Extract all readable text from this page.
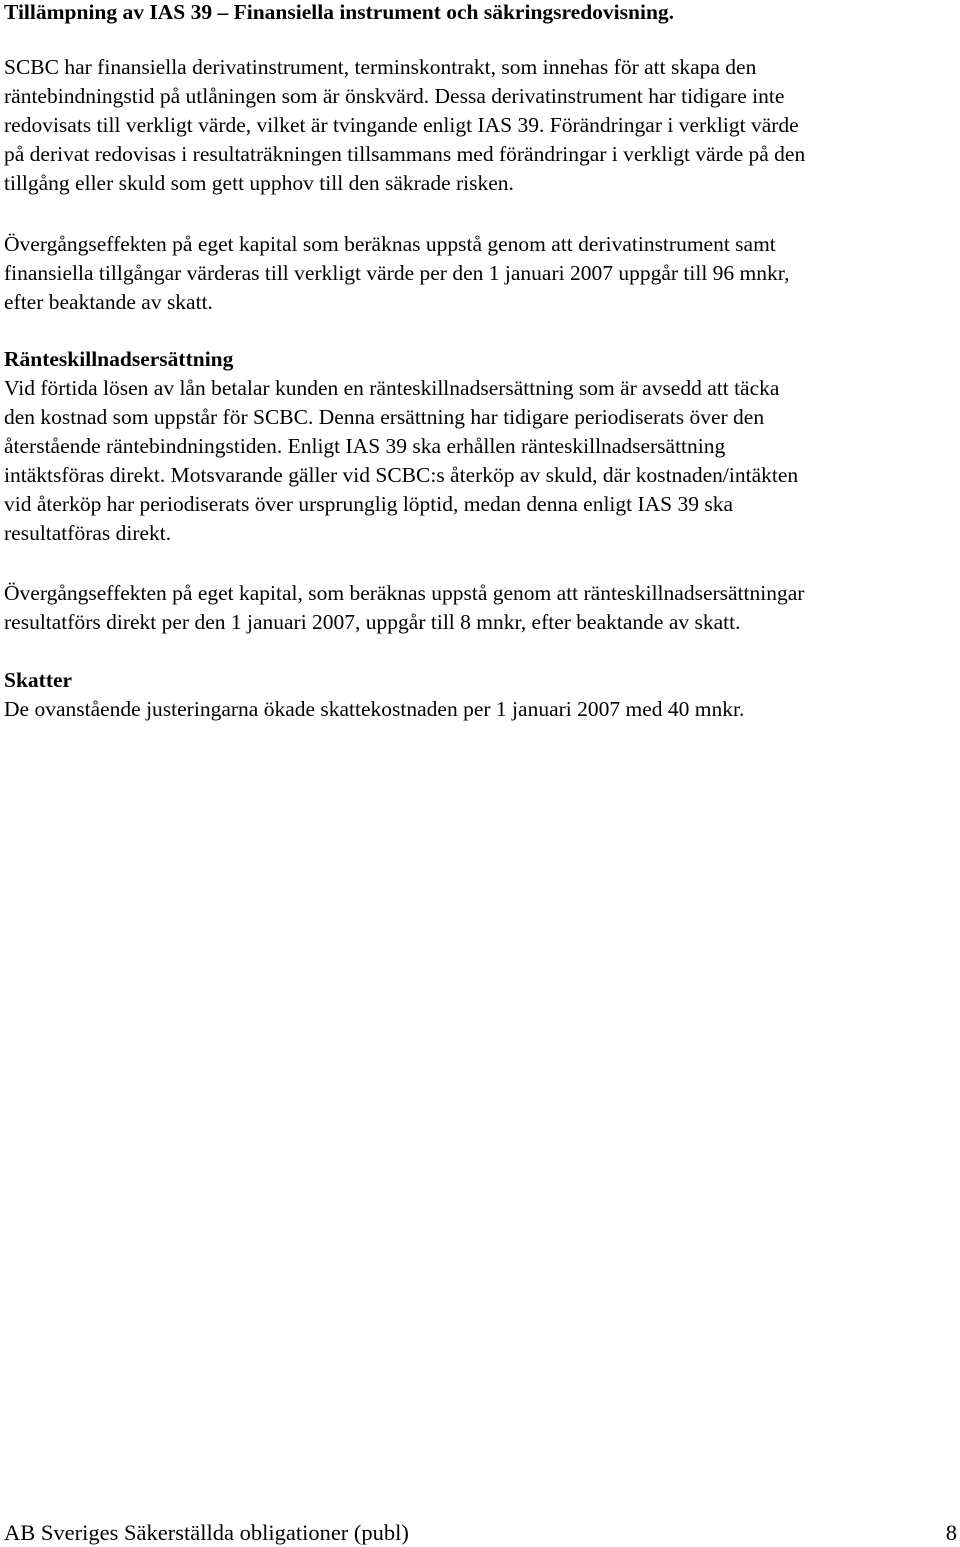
Tillämpning av IAS 39 – Finansiella instrument och säkringsredovisning.

SCBC har finansiella derivatinstrument, terminskontrakt, som innehas för att skapa den

räntebindningstid på utlåningen som är önskvärd. Dessa derivatinstrument har tidigare inte

redovisats till verkligt värde, vilket är tvingande enligt IAS 39. Förändringar i verkligt värde

på derivat redovisas i resultaträkningen tillsammans med förändringar i verkligt värde på den

tillgång eller skuld som gett upphov till den säkrade risken.

Övergångseffekten på eget kapital som beräknas uppstå genom att derivatinstrument samt

finansiella tillgångar värderas till verkligt värde per den 1 januari 2007 uppgår till 96 mnkr,

efter beaktande av skatt.

Ränteskillnadsersättning

Vid förtida lösen av lån betalar kunden en ränteskillnadsersättning som är avsedd att täcka

den kostnad som uppstår för SCBC. Denna ersättning har tidigare periodiserats över den

återstående räntebindningstiden. Enligt IAS 39 ska erhållen ränteskillnadsersättning

intäktsföras direkt. Motsvarande gäller vid SCBC:s återköp av skuld, där kostnaden/intäkten

vid återköp har periodiserats över ursprunglig löptid, medan denna enligt IAS 39 ska

resultatföras direkt.

Övergångseffekten på eget kapital, som beräknas uppstå genom att ränteskillnadsersättningar

resultatförs direkt per den 1 januari 2007, uppgår till 8 mnkr, efter beaktande av skatt.

Skatter

De ovanstående justeringarna ökade skattekostnaden per 1 januari 2007 med 40 mnkr.

AB Sveriges Säkerställda obligationer (publ)	8
